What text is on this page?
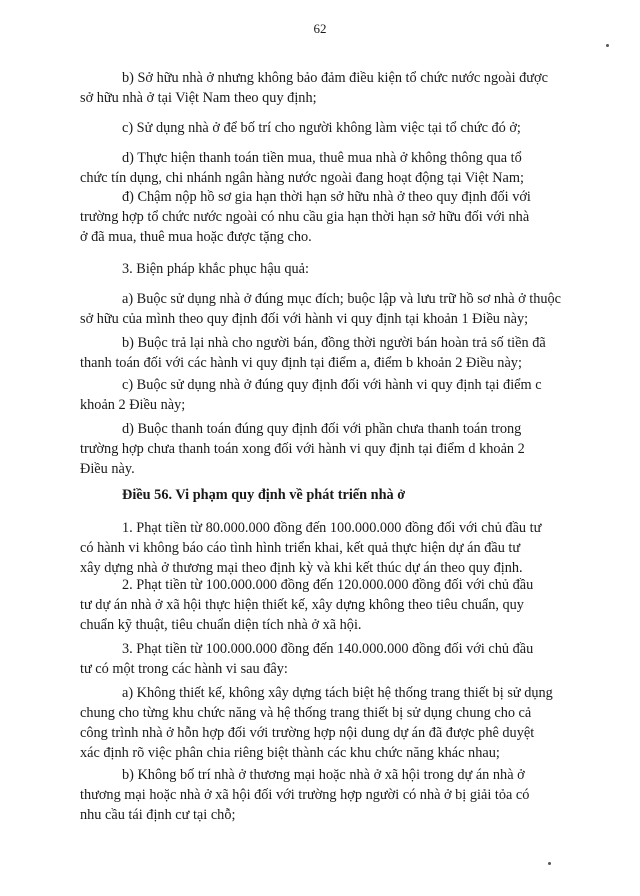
62

b) Sở hữu nhà ở nhưng không bảo đảm điều kiện tổ chức nước ngoài được
sở hữu nhà ở tại Việt Nam theo quy định;

c) Sử dụng nhà ở để bố trí cho người không làm việc tại tổ chức đó ở;

d) Thực hiện thanh toán tiền mua, thuê mua nhà ở không thông qua tổ
chức tín dụng, chi nhánh ngân hàng nước ngoài đang hoạt động tại Việt Nam;

đ) Chậm nộp hồ sơ gia hạn thời hạn sở hữu nhà ở theo quy định đối với
trường hợp tổ chức nước ngoài có nhu cầu gia hạn thời hạn sở hữu đối với nhà
ở đã mua, thuê mua hoặc được tặng cho.

3. Biện pháp khắc phục hậu quả:

a) Buộc sử dụng nhà ở đúng mục đích; buộc lập và lưu trữ hồ sơ nhà ở thuộc
sở hữu của mình theo quy định đối với hành vi quy định tại khoản 1 Điều này;

b) Buộc trả lại nhà cho người bán, đồng thời người bán hoàn trả số tiền đã
thanh toán đối với các hành vi quy định tại điểm a, điểm b khoản 2 Điều này;

c) Buộc sử dụng nhà ở đúng quy định đối với hành vi quy định tại điểm c
khoản 2 Điều này;

d) Buộc thanh toán đúng quy định đối với phần chưa thanh toán trong
trường hợp chưa thanh toán xong đối với hành vi quy định tại điểm d khoản 2
Điều này.

Điều 56. Vi phạm quy định về phát triển nhà ở

1. Phạt tiền từ 80.000.000 đồng đến 100.000.000 đồng đối với chủ đầu tư
có hành vi không báo cáo tình hình triển khai, kết quả thực hiện dự án đầu tư
xây dựng nhà ở thương mại theo định kỳ và khi kết thúc dự án theo quy định.

2. Phạt tiền từ 100.000.000 đồng đến 120.000.000 đồng đối với chủ đầu
tư dự án nhà ở xã hội thực hiện thiết kế, xây dựng không theo tiêu chuẩn, quy
chuẩn kỹ thuật, tiêu chuẩn diện tích nhà ở xã hội.

3. Phạt tiền từ 100.000.000 đồng đến 140.000.000 đồng đối với chủ đầu
tư có một trong các hành vi sau đây:

a) Không thiết kế, không xây dựng tách biệt hệ thống trang thiết bị sử dụng
chung cho từng khu chức năng và hệ thống trang thiết bị sử dụng chung cho cả
công trình nhà ở hỗn hợp đối với trường hợp nội dung dự án đã được phê duyệt
xác định rõ việc phân chia riêng biệt thành các khu chức năng khác nhau;

b) Không bố trí nhà ở thương mại hoặc nhà ở xã hội trong dự án nhà ở
thương mại hoặc nhà ở xã hội đối với trường hợp người có nhà ở bị giải tỏa có
nhu cầu tái định cư tại chỗ;
